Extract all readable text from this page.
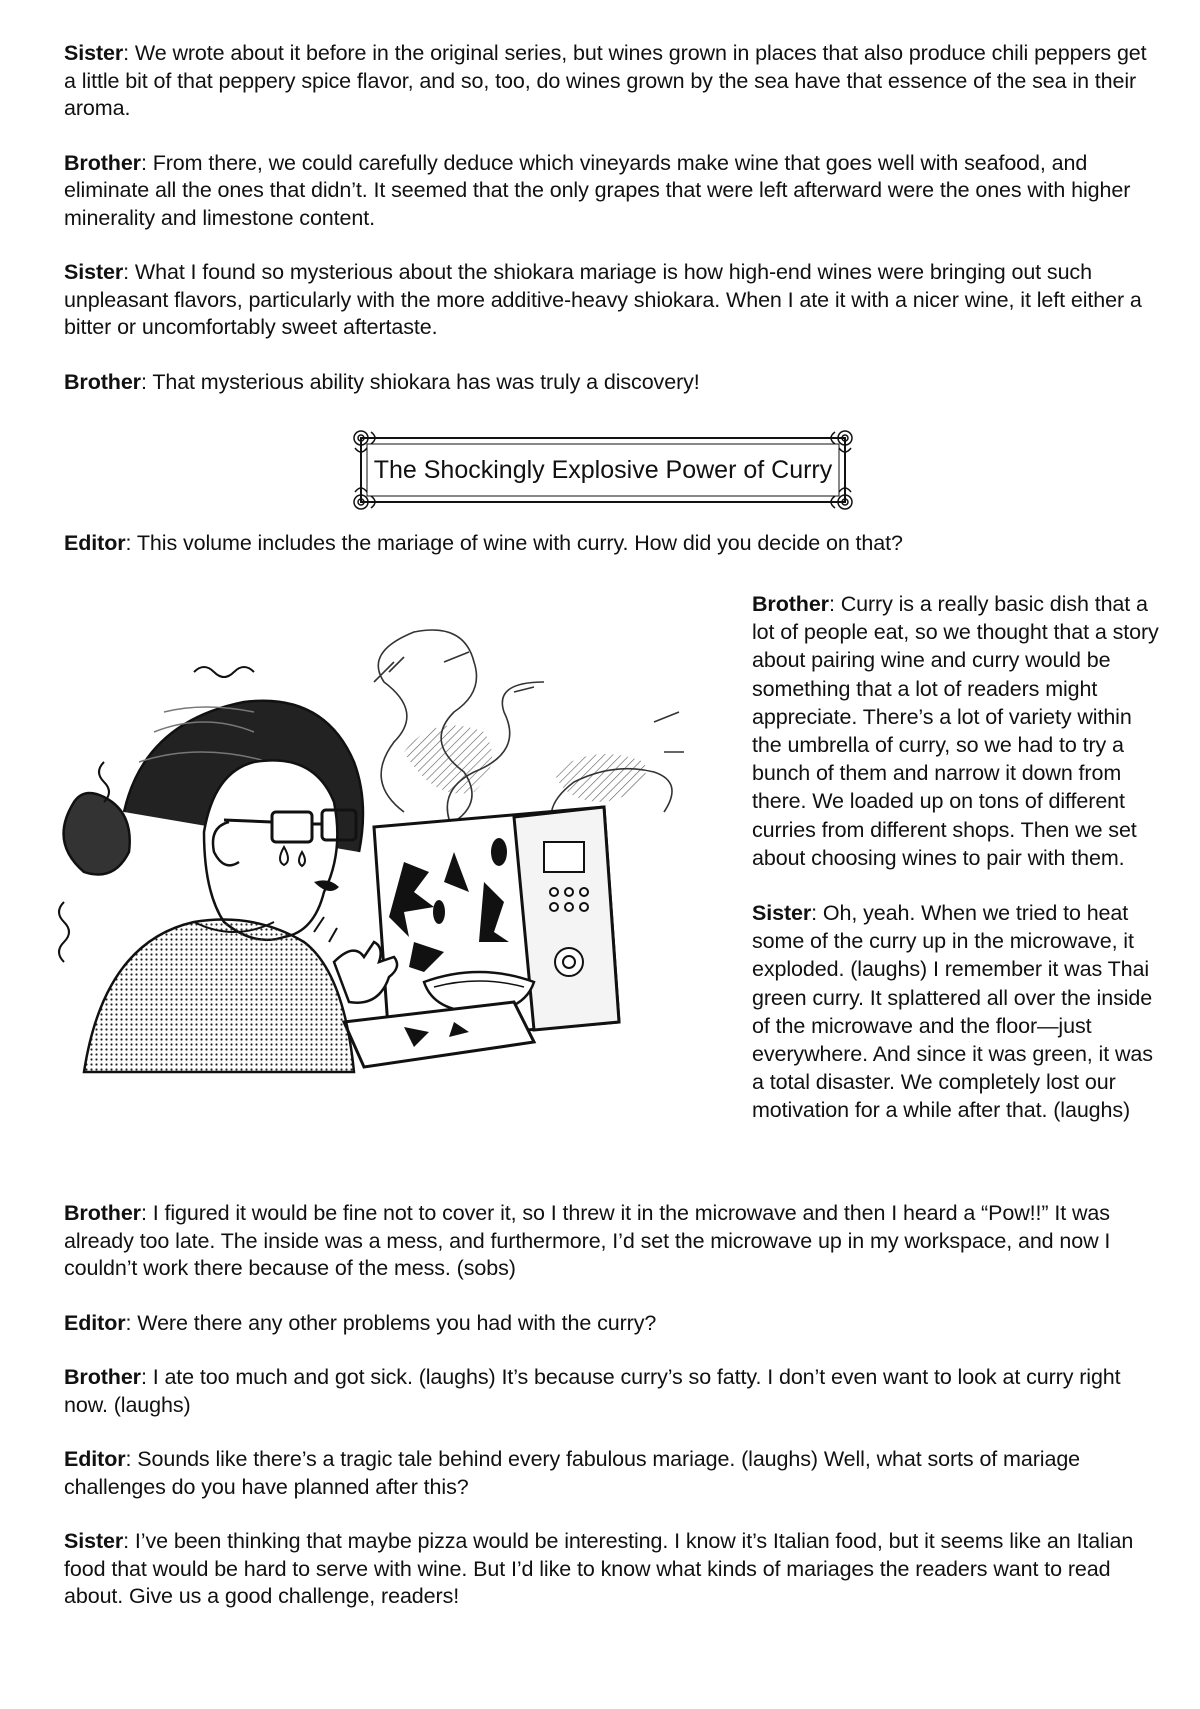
Sister: We wrote about it before in the original series, but wines grown in places that also produce chili peppers get a little bit of that peppery spice flavor, and so, too, do wines grown by the sea have that essence of the sea in their aroma.

Brother: From there, we could carefully deduce which vineyards make wine that goes well with seafood, and eliminate all the ones that didn’t. It seemed that the only grapes that were left afterward were the ones with higher minerality and limestone content.

Sister: What I found so mysterious about the shiokara mariage is how high-end wines were bringing out such unpleasant flavors, particularly with the more additive-heavy shiokara. When I ate it with a nicer wine, it left either a bitter or uncomfortably sweet aftertaste.

Brother: That mysterious ability shiokara has was truly a discovery!

The Shockingly Explosive Power of Curry

Editor: This volume includes the mariage of wine with curry. How did you decide on that?

Brother: Curry is a really basic dish that a lot of people eat, so we thought that a story about pairing wine and curry would be something that a lot of readers might appreciate. There’s a lot of variety within the umbrella of curry, so we had to try a bunch of them and narrow it down from there. We loaded up on tons of different curries from different shops. Then we set about choosing wines to pair with them.

Sister: Oh, yeah. When we tried to heat some of the curry up in the microwave, it exploded. (laughs) I remember it was Thai green curry. It splattered all over the inside of the microwave and the floor—just everywhere. And since it was green, it was a total disaster. We completely lost our motivation for a while after that. (laughs)

Brother: I figured it would be fine not to cover it, so I threw it in the microwave and then I heard a “Pow!!” It was already too late. The inside was a mess, and furthermore, I’d set the microwave up in my workspace, and now I couldn’t work there because of the mess. (sobs)

Editor: Were there any other problems you had with the curry?

Brother: I ate too much and got sick. (laughs) It’s because curry’s so fatty. I don’t even want to look at curry right now. (laughs)

Editor: Sounds like there’s a tragic tale behind every fabulous mariage. (laughs) Well, what sorts of mariage challenges do you have planned after this?

Sister: I’ve been thinking that maybe pizza would be interesting. I know it’s Italian food, but it seems like an Italian food that would be hard to serve with wine. But I’d like to know what kinds of mariages the readers want to read about. Give us a good challenge, readers!
